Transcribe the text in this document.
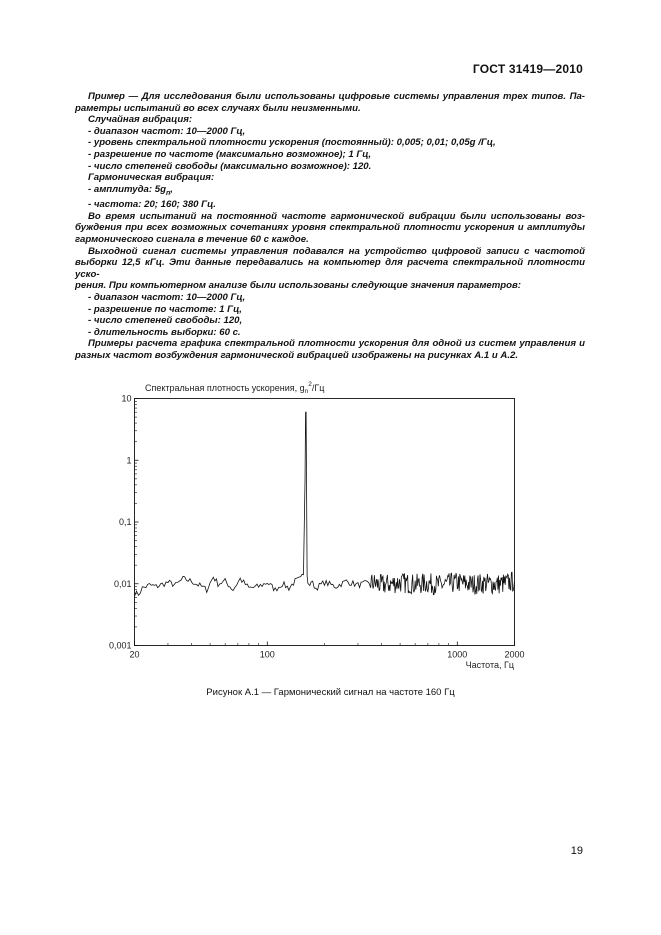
ГОСТ 31419—2010
Пример — Для исследования были использованы цифровые системы управления трех типов. Па-
раметры испытаний во всех случаях были неизменными.
Случайная вибрация:
- диапазон частот: 10—2000 Гц,
- уровень спектральной плотности ускорения (постоянный): 0,005; 0,01; 0,05g /Гц,
- разрешение по частоте (максимально возможное); 1 Гц,
- число степеней свободы (максимально возможное): 120.
Гармоническая вибрация:
- амплитуда: $5g_n$,
- частота: 20; 160; 380 Гц.
Во время испытаний на постоянной частоте гармонической вибрации были использованы воз-
буждения при всех возможных сочетаниях уровня спектральной плотности ускорения и амплитуды
гармонического сигнала в течение 60 с каждое.
Выходной сигнал системы управления подавался на устройство цифровой записи с частотой
выборки 12,5 кГц. Эти данные передавались на компьютер для расчета спектральной плотности ускo-
рения. При компьютерном анализе были использованы следующие значения параметров:
- диапазон частот: 10—2000 Гц,
- разрешение по частоте: 1 Гц,
- число степеней свободы: 120,
- длительность выборки: 60 с.
Примеры расчета графика спектральной плотности ускорения для одной из систем управления и
разных частот возбуждения гармонической вибрацией изображены на рисунках А.1 и А.2.
Спектральная плотность ускорения, $g_n^2/Гц$
0,001
0,01
0,1
1
10
20	100	1000	2000
Частота, Гц
Рисунок А.1 — Гармонический сигнал на частоте 160 Гц
19
